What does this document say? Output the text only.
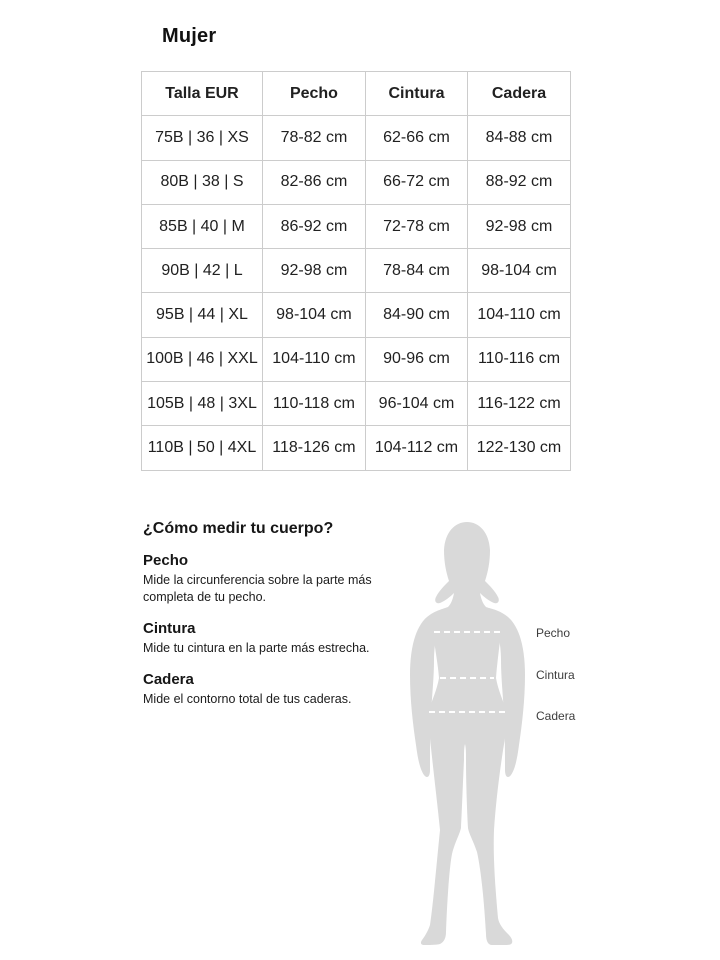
Mujer
Talla EUR	Pecho	Cintura	Cadera
75B | 36 | XS	78-82 cm	62-66 cm	84-88 cm
80B | 38 | S	82-86 cm	66-72 cm	88-92 cm
85B | 40 | M	86-92 cm	72-78 cm	92-98 cm
90B | 42 | L	92-98 cm	78-84 cm	98-104 cm
95B | 44 | XL	98-104 cm	84-90 cm	104-110 cm
100B | 46 | XXL	104-110 cm	90-96 cm	110-116 cm
105B | 48 | 3XL	110-118 cm	96-104 cm	116-122 cm
110B | 50 | 4XL	118-126 cm	104-112 cm	122-130 cm
¿Cómo medir tu cuerpo?
Pecho

Mide la circunferencia sobre la parte más completa de tu pecho.

Cintura

Mide tu cintura en la parte más estrecha.

Cadera

Mide el contorno total de tus caderas.

Pecho
Cintura
Cadera
